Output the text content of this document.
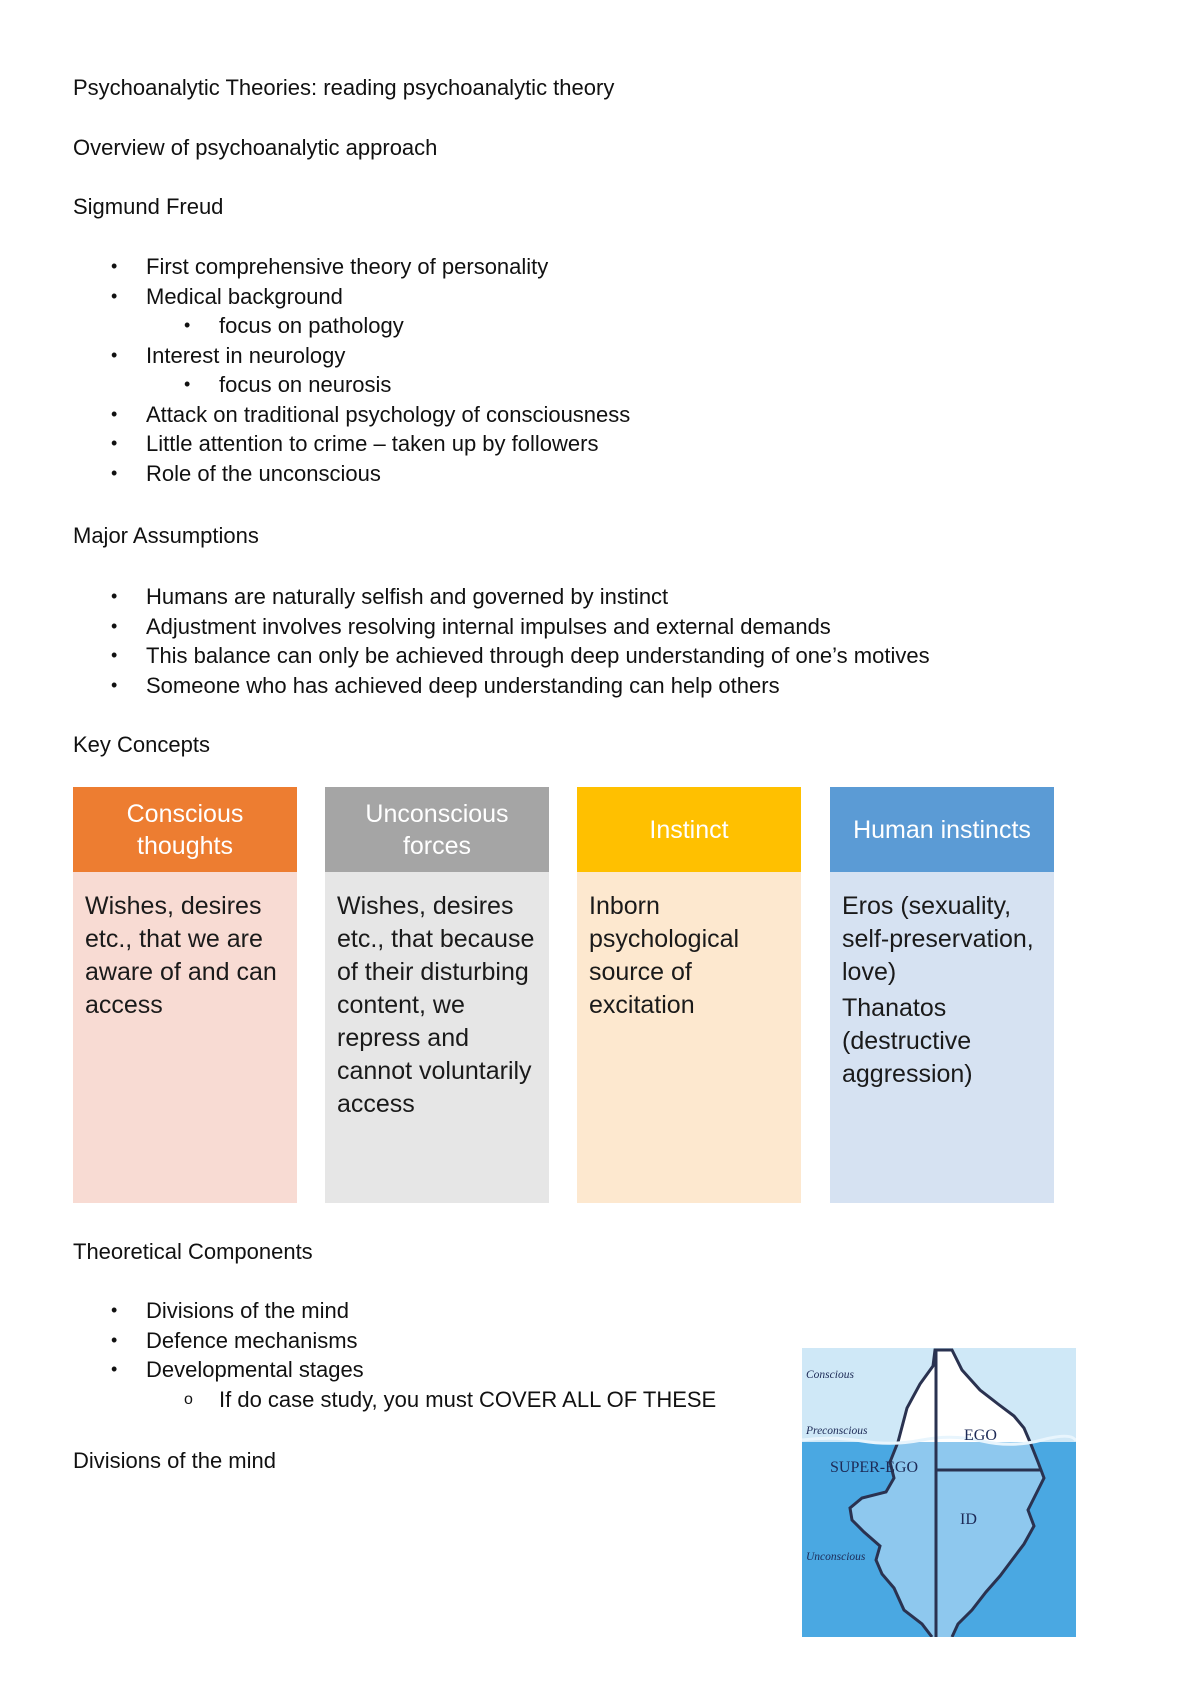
Psychoanalytic Theories: reading psychoanalytic theory
Overview of psychoanalytic approach
Sigmund Freud
• First comprehensive theory of personality
• Medical background
• focus on pathology
• Interest in neurology
• focus on neurosis
• Attack on traditional psychology of consciousness
• Little attention to crime – taken up by followers
• Role of the unconscious
Major Assumptions
• Humans are naturally selfish and governed by instinct
• Adjustment involves resolving internal impulses and external demands
• This balance can only be achieved through deep understanding of one’s motives
• Someone who has achieved deep understanding can help others
Key Concepts
Conscious thoughts

Wishes, desires etc., that we are aware of and can access

Unconscious forces

Wishes, desires etc., that because of their disturbing content, we repress and cannot voluntarily access

Instinct

Inborn psychological source of excitation

Human instincts

Eros (sexuality, self-preservation, love)

Thanatos (destructive aggression)

Theoretical Components
• Divisions of the mind
• Defence mechanisms
• Developmental stages
o If do case study, you must COVER ALL OF THESE
Divisions of the mind
Conscious
Preconscious
Unconscious
EGO
SUPER-EGO
ID
